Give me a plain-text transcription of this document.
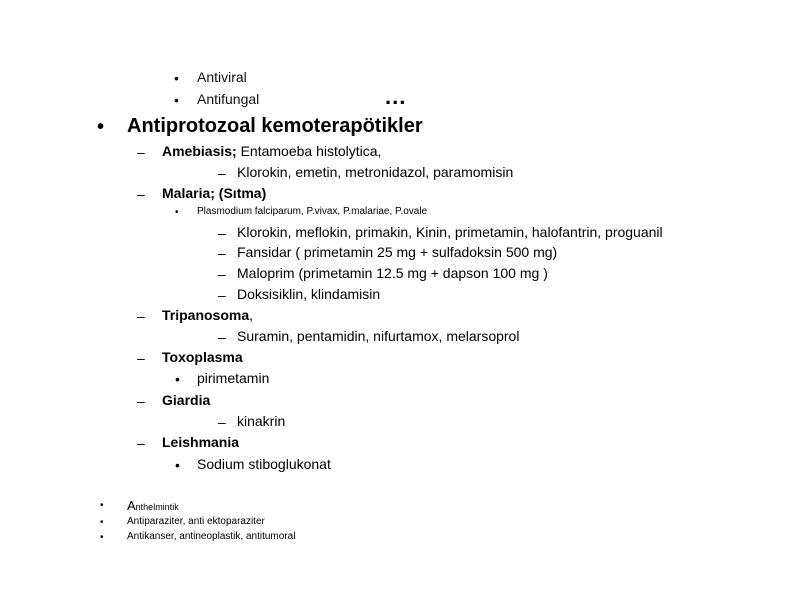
• Antiviral
• Antifungal	...
• Antiprotozoal kemoterapötikler
– Amebiasis; Entamoeba histolytica,
– Klorokin, emetin, metronidazol, paramomisin
– Malaria; (Sıtma)
• Plasmodium falciparum, P.vivax, P.malariae, P.ovale
– Klorokin, meflokin, primakin, Kinin, primetamin, halofantrin, proguanil
– Fansidar ( primetamin 25 mg + sulfadoksin 500 mg)
– Maloprim (primetamin 12.5 mg + dapson 100 mg )
– Doksisiklin, klindamisin
– Tripanosoma,
– Suramin, pentamidin, nifurtamox, melarsoprol
– Toxoplasma
• pirimetamin
– Giardia
– kinakrin
– Leishmania
• Sodium stiboglukonat
• Anthelmintik
• Antiparaziter, anti ektoparaziter
• Antikanser, antineoplastik, antitumoral
